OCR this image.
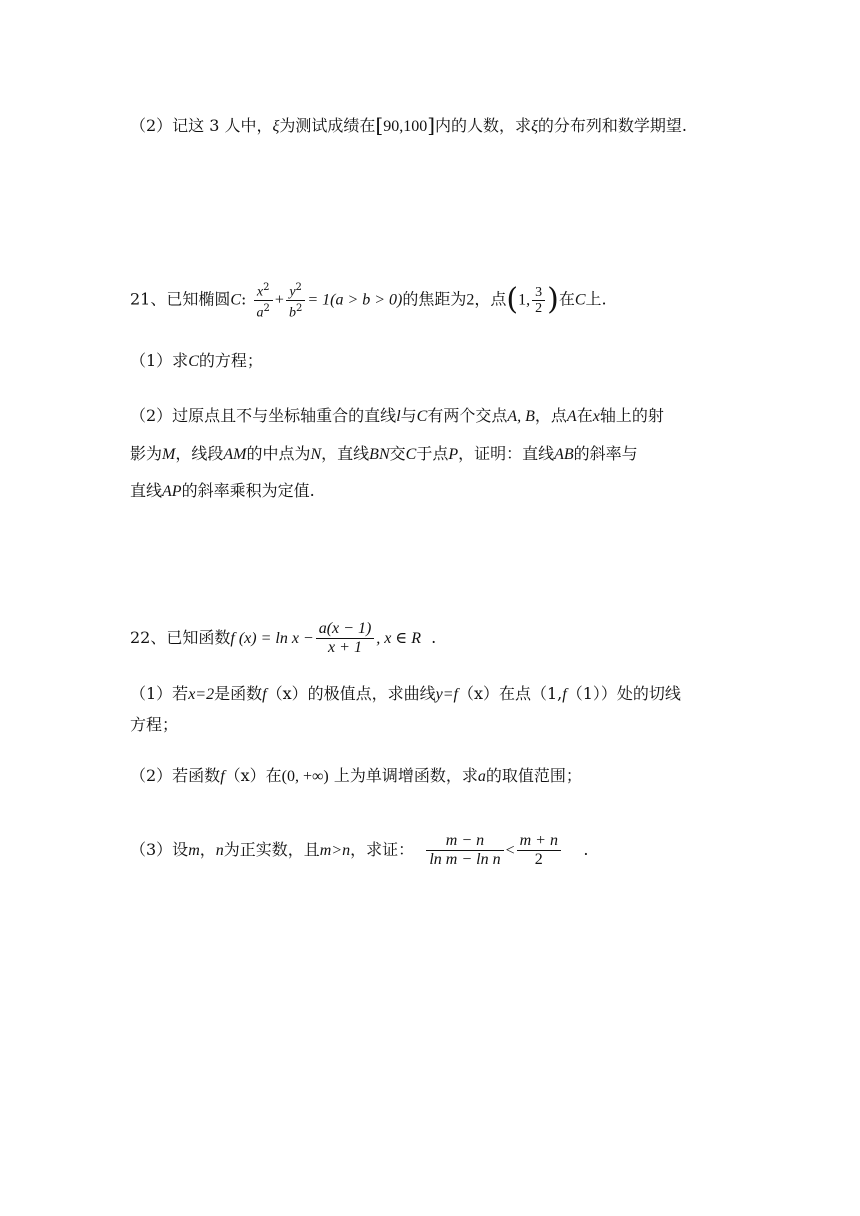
（2）记这 3 人中，ξ为测试成绩在[90,100]内的人数，求ξ的分布列和数学期望.
21、已知椭圆C: $\frac{x^2}{a^2} + \frac{y^2}{b^2} = 1(a > b > 0)$的焦距为2，点(1, $\frac{3}{2}$ )在C上.
（1）求C的方程；
（2）过原点且不与坐标轴重合的直线l与C有两个交点A, B，点A在x轴上的射
影为M，线段AM的中点为N，直线BN交C于点P，证明：直线AB的斜率与
直线AP的斜率乘积为定值.
22、已知函数f $(x) = \ln x - \frac{a(x - 1)}{x + 1}$ , x ∈ R .
（1）若x=2是函数f（x）的极值点，求曲线y=f（x）在点（1,f（1））处的切线
方程；
（2）若函数f（x）在(0, +∞) 上为单调增函数，求a的取值范围；
（3）设m，n为正实数，且m>n，求证： $\frac{m - n}{\text{ln m − ln n}} < \frac{m + n}{2}$ .
